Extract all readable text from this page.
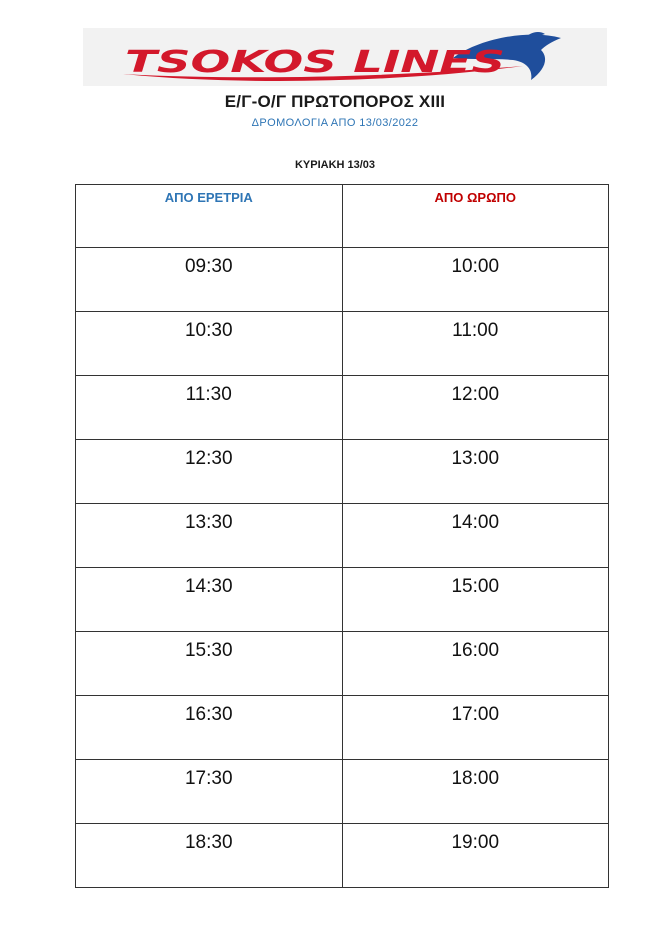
TSOKOS LINES
Ε/Γ-Ο/Γ ΠΡΩΤΟΠΟΡΟΣ XIII
ΔΡΟΜΟΛΟΓΙΑ ΑΠΟ 13/03/2022
ΚΥΡΙΑΚΗ 13/03
ΑΠΟ ΕΡΕΤΡΙΑ	ΑΠΟ ΩΡΩΠΟ
09:30	10:00
10:30	11:00
11:30	12:00
12:30	13:00
13:30	14:00
14:30	15:00
15:30	16:00
16:30	17:00
17:30	18:00
18:30	19:00
